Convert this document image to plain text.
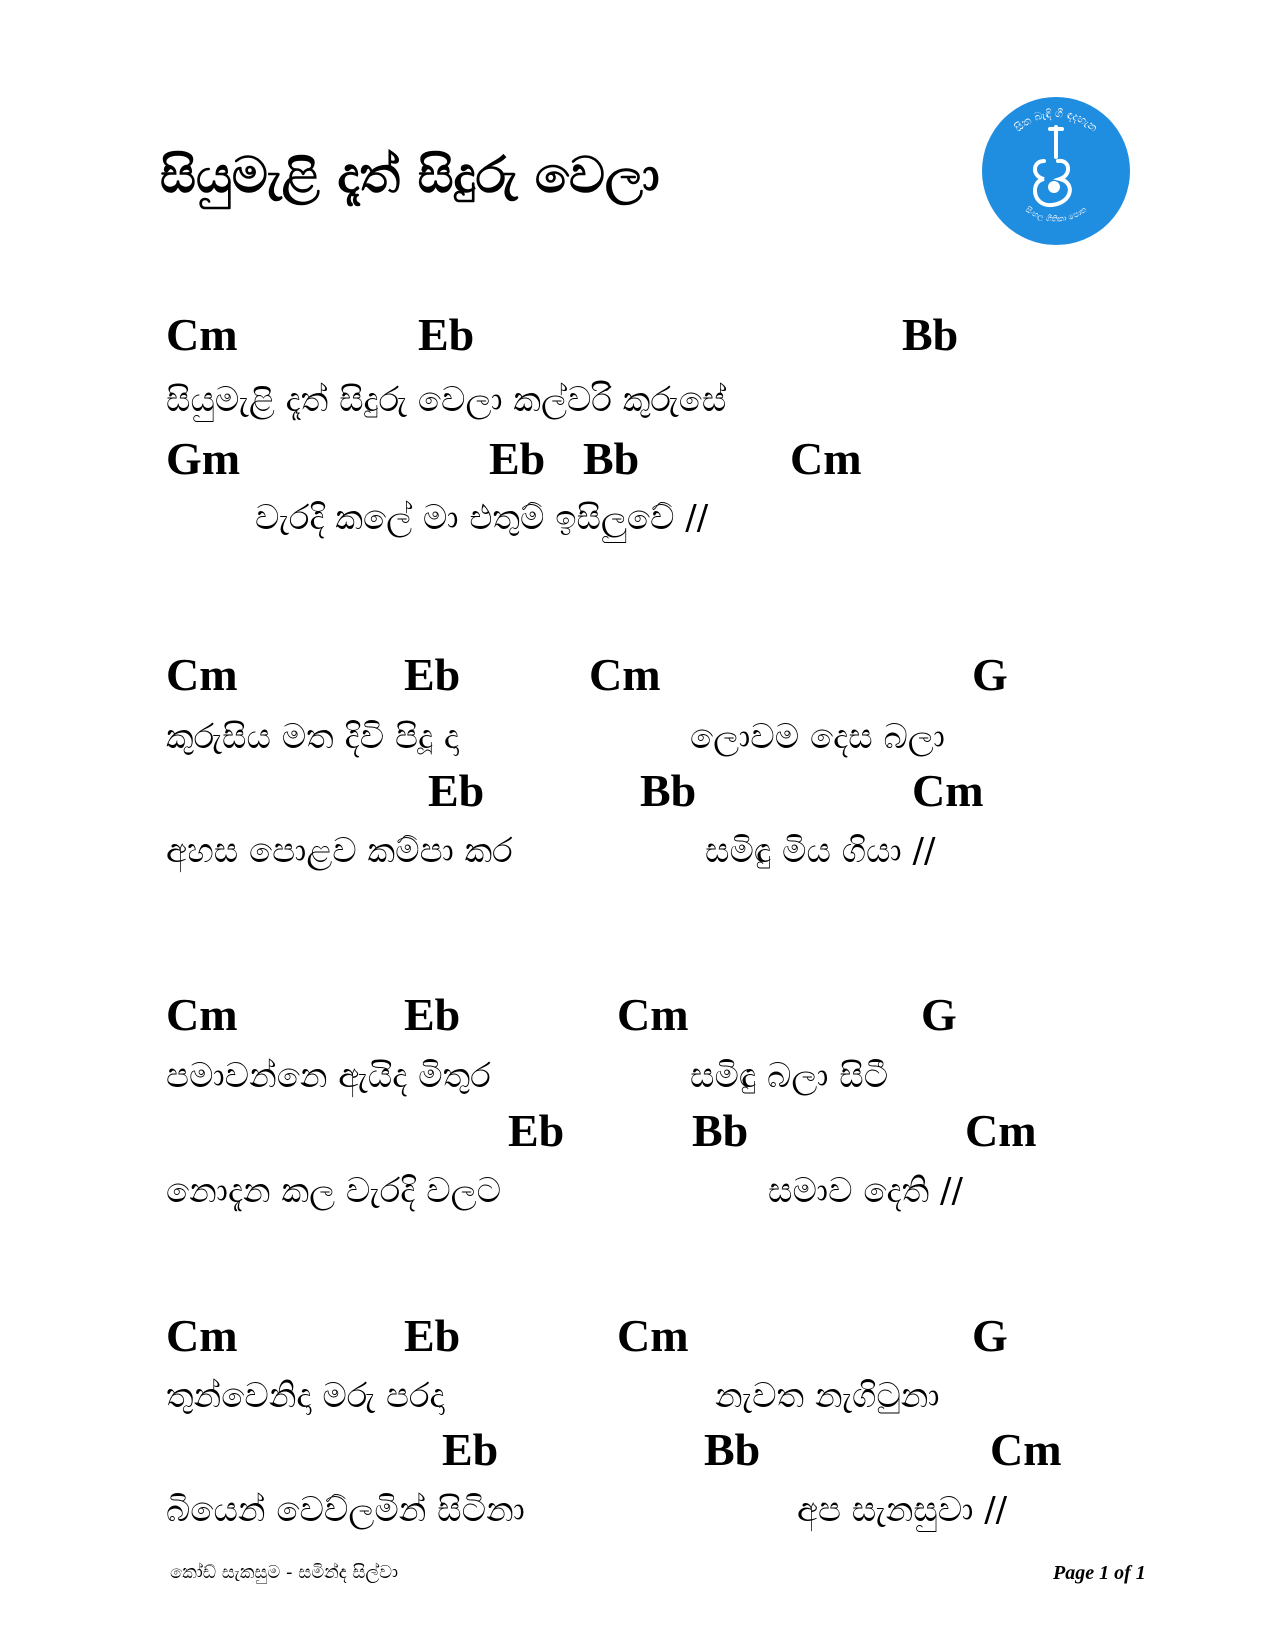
සියුමැළි දෑත් සිදුරු වෙලා
සිත බැඳි ගී ඳදහැන
සිංහල ගීතිකා පොත
Cm	Eb	Bb
සියුමැළි දෑත් සිදුරු වෙලා කල්වරි කුරුසේ
Gm	Eb Bb	Cm
වැරදි කලේ මා එතුම් ඉසිලුවේ //
Cm	Eb	Cm	G
කුරුසිය මත දිවි පිදූ දා	ලොවම දෙස බලා
Eb	Bb	Cm
අහස පොළව කම්පා කර	සමිඳු මිය ගියා //
Cm	Eb	Cm	G
පමාවන්නෙ ඇයිද මිතුර	සමිඳු බලා සිටී
Eb	Bb	Cm
නොදැන කල වැරදි වලට	සමාව දෙති //
Cm	Eb	Cm	G
තුන්වෙනිදා මරු පරදා	නැවත නැගිටුනා
Eb	Bb	Cm
බියෙන් වෙව්ලමින් සිටිනා	අප සැනසුවා //
කෝඩ් සැකසුම - සමින්ද සිල්වා	Page 1 of 1
